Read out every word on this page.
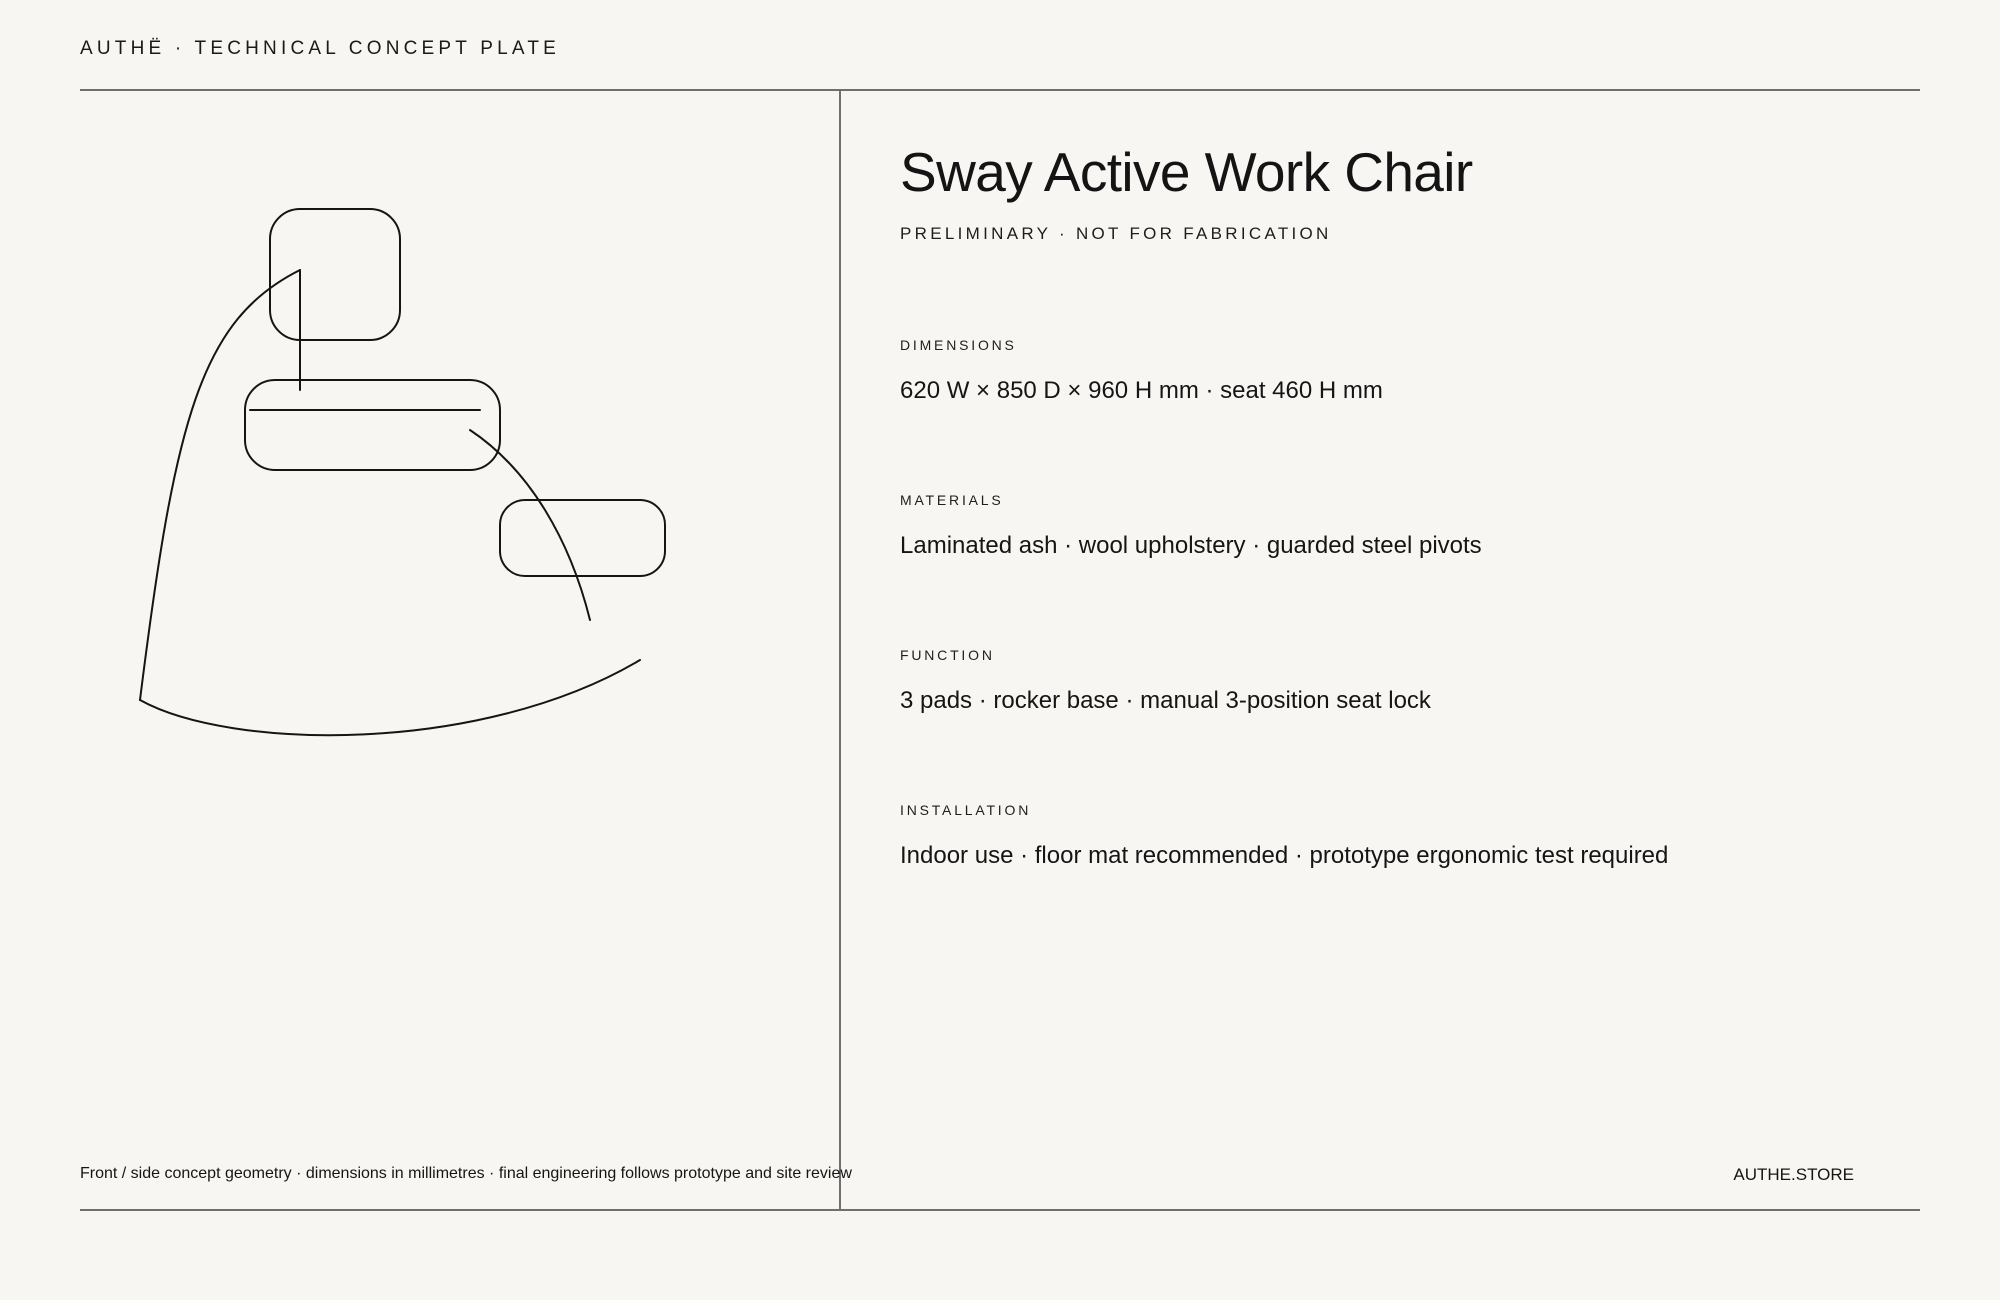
AUTHË · TECHNICAL CONCEPT PLATE
Sway Active Work Chair
PRELIMINARY · NOT FOR FABRICATION
DIMENSIONS
620 W × 850 D × 960 H mm · seat 460 H mm
MATERIALS
Laminated ash · wool upholstery · guarded steel pivots
FUNCTION
3 pads · rocker base · manual 3-position seat lock
INSTALLATION
Indoor use · floor mat recommended · prototype ergonomic test required
Front / side concept geometry · dimensions in millimetres · final engineering follows prototype and site review	AUTHE.STORE
